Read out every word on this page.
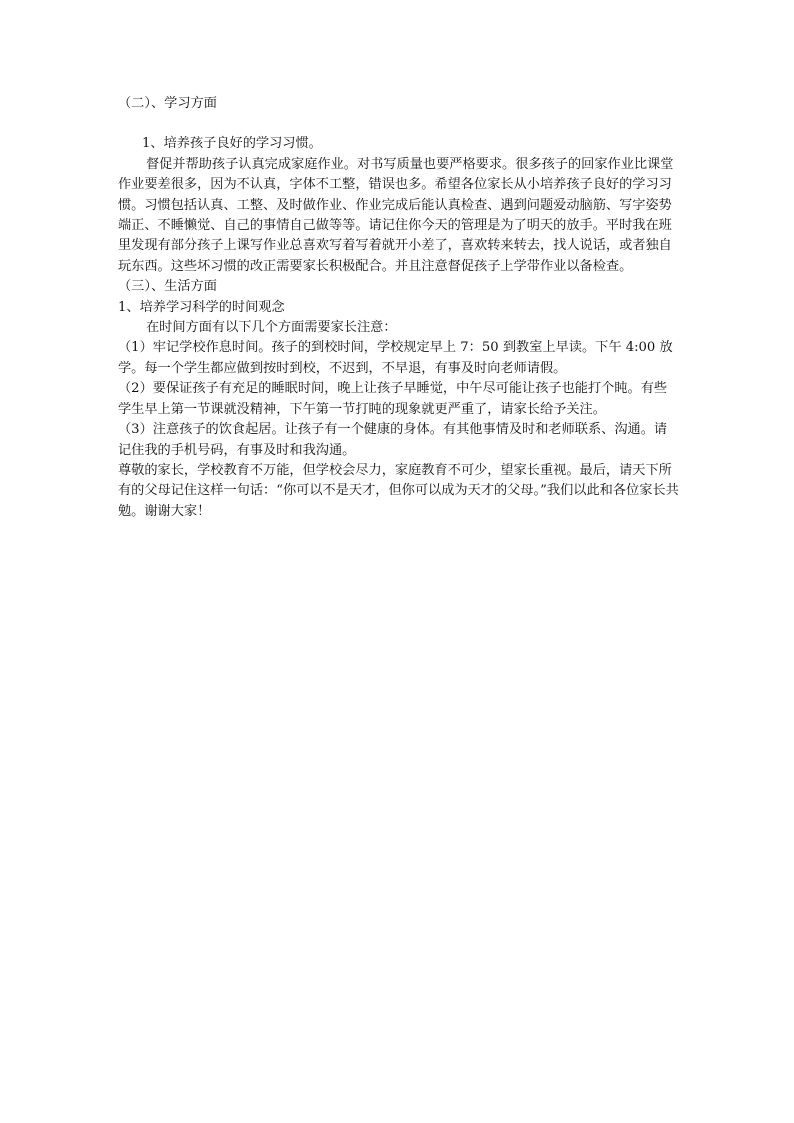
（二）、学习方面

1、培养孩子良好的学习习惯。

督促并帮助孩子认真完成家庭作业。对书写质量也要严格要求。很多孩子的回家作业比课堂作业要差很多，因为不认真，字体不工整，错误也多。希望各位家长从小培养孩子良好的学习习惯。习惯包括认真、工整、及时做作业、作业完成后能认真检查、遇到问题爱动脑筋、写字姿势端正、不睡懒觉、自己的事情自己做等等。请记住你今天的管理是为了明天的放手。平时我在班里发现有部分孩子上课写作业总喜欢写着写着就开小差了，喜欢转来转去，找人说话，或者独自玩东西。这些坏习惯的改正需要家长积极配合。并且注意督促孩子上学带作业以备检查。

（三）、生活方面

1、培养学习科学的时间观念

在时间方面有以下几个方面需要家长注意：

（1）牢记学校作息时间。孩子的到校时间，学校规定早上 7：50 到教室上早读。下午 4:00 放学。每一个学生都应做到按时到校，不迟到，不早退，有事及时向老师请假。

（2）要保证孩子有充足的睡眠时间，晚上让孩子早睡觉，中午尽可能让孩子也能打个盹。有些学生早上第一节课就没精神，下午第一节打盹的现象就更严重了，请家长给予关注。

（3）注意孩子的饮食起居。让孩子有一个健康的身体。有其他事情及时和老师联系、沟通。请记住我的手机号码，有事及时和我沟通。

尊敬的家长，学校教育不万能，但学校会尽力，家庭教育不可少，望家长重视。最后，请天下所有的父母记住这样一句话：“你可以不是天才，但你可以成为天才的父母。”我们以此和各位家长共勉。谢谢大家！
